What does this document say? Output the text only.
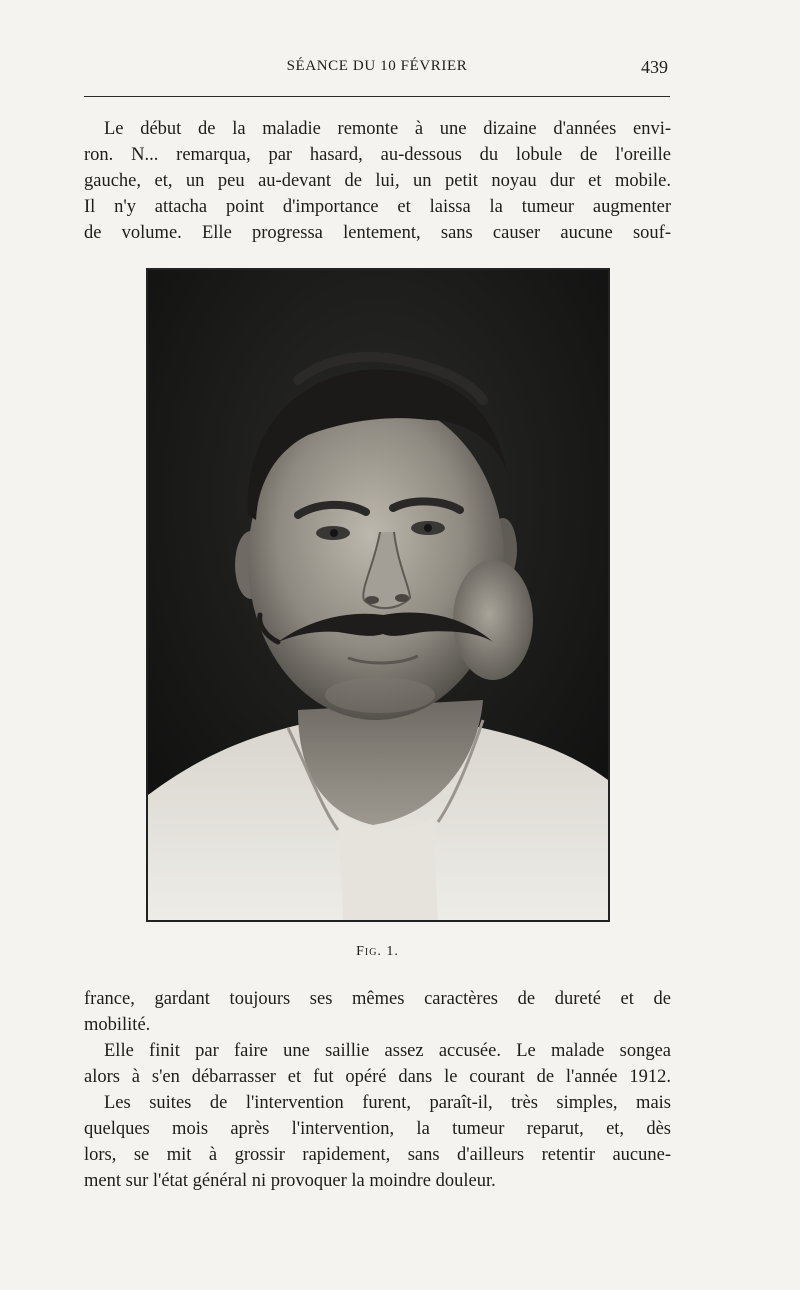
SÉANCE DU 10 FÉVRIER	439

Le début de la maladie remonte à une dizaine d'années envi-
ron. N... remarqua, par hasard, au-dessous du lobule de l'oreille
gauche, et, un peu au-devant de lui, un petit noyau dur et mobile.
Il n'y attacha point d'importance et laissa la tumeur augmenter
de volume. Elle progressa lentement, sans causer aucune souf-

Fig. 1.

france, gardant toujours ses mêmes caractères de dureté et de
mobilité.

Elle finit par faire une saillie assez accusée. Le malade songea
alors à s'en débarrasser et fut opéré dans le courant de l'année 1912.

Les suites de l'intervention furent, paraît-il, très simples, mais
quelques mois après l'intervention, la tumeur reparut, et, dès
lors, se mit à grossir rapidement, sans d'ailleurs retentir aucune-
ment sur l'état général ni provoquer la moindre douleur.
